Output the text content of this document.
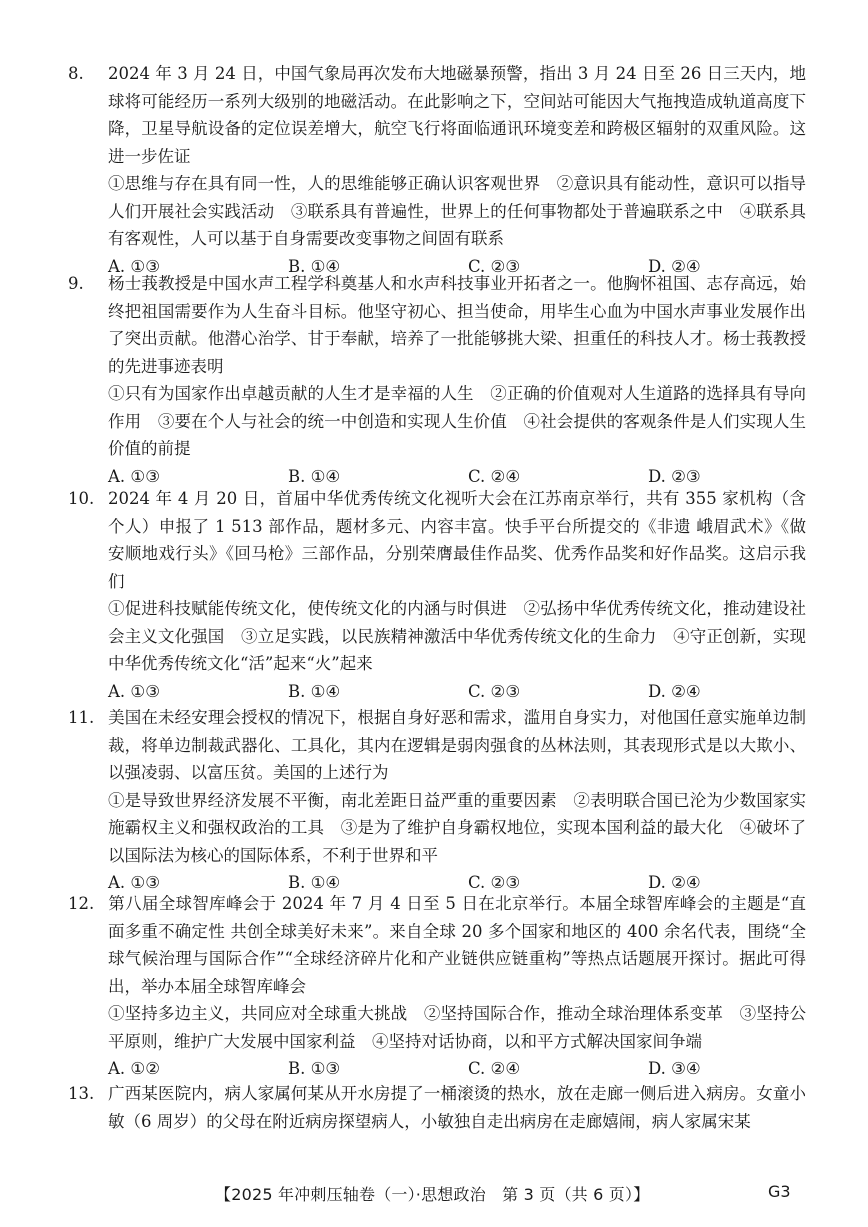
8. 2024 年 3 月 24 日，中国气象局再次发布大地磁暴预警，指出 3 月 24 日至 26 日三天内，地球将可能经历一系列大级别的地磁活动。在此影响之下，空间站可能因大气拖拽造成轨道高度下降，卫星导航设备的定位误差增大，航空飞行将面临通讯环境变差和跨极区辐射的双重风险。这进一步佐证

①思维与存在具有同一性，人的思维能够正确认识客观世界　②意识具有能动性，意识可以指导人们开展社会实践活动　③联系具有普遍性，世界上的任何事物都处于普遍联系之中　④联系具有客观性，人可以基于自身需要改变事物之间固有联系

A. ①③	B. ①④	C. ②③	D. ②④

9. 杨士莪教授是中国水声工程学科奠基人和水声科技事业开拓者之一。他胸怀祖国、志存高远，始终把祖国需要作为人生奋斗目标。他坚守初心、担当使命，用毕生心血为中国水声事业发展作出了突出贡献。他潜心治学、甘于奉献，培养了一批能够挑大梁、担重任的科技人才。杨士莪教授的先进事迹表明

①只有为国家作出卓越贡献的人生才是幸福的人生　②正确的价值观对人生道路的选择具有导向作用　③要在个人与社会的统一中创造和实现人生价值　④社会提供的客观条件是人们实现人生价值的前提

A. ①③	B. ①④	C. ②④	D. ②③

10. 2024 年 4 月 20 日，首届中华优秀传统文化视听大会在江苏南京举行，共有 355 家机构（含个人）申报了 1 513 部作品，题材多元、内容丰富。快手平台所提交的《非遗 峨眉武术》《做安顺地戏行头》《回马枪》三部作品，分别荣膺最佳作品奖、优秀作品奖和好作品奖。这启示我们

①促进科技赋能传统文化，使传统文化的内涵与时俱进　②弘扬中华优秀传统文化，推动建设社会主义文化强国　③立足实践，以民族精神激活中华优秀传统文化的生命力　④守正创新，实现中华优秀传统文化“活”起来“火”起来

A. ①③	B. ①④	C. ②③	D. ②④

11. 美国在未经安理会授权的情况下，根据自身好恶和需求，滥用自身实力，对他国任意实施单边制裁，将单边制裁武器化、工具化，其内在逻辑是弱肉强食的丛林法则，其表现形式是以大欺小、以强凌弱、以富压贫。美国的上述行为

①是导致世界经济发展不平衡，南北差距日益严重的重要因素　②表明联合国已沦为少数国家实施霸权主义和强权政治的工具　③是为了维护自身霸权地位，实现本国利益的最大化　④破坏了以国际法为核心的国际体系，不利于世界和平

A. ①③	B. ①④	C. ②③	D. ②④

12. 第八届全球智库峰会于 2024 年 7 月 4 日至 5 日在北京举行。本届全球智库峰会的主题是“直面多重不确定性 共创全球美好未来”。来自全球 20 多个国家和地区的 400 余名代表，围绕“全球气候治理与国际合作”“全球经济碎片化和产业链供应链重构”等热点话题展开探讨。据此可得出，举办本届全球智库峰会

①坚持多边主义，共同应对全球重大挑战　②坚持国际合作，推动全球治理体系变革　③坚持公平原则，维护广大发展中国家利益　④坚持对话协商，以和平方式解决国家间争端

A. ①②	B. ①③	C. ②④	D. ③④

13. 广西某医院内，病人家属何某从开水房提了一桶滚烫的热水，放在走廊一侧后进入病房。女童小敏（6 周岁）的父母在附近病房探望病人，小敏独自走出病房在走廊嬉闹，病人家属宋某

【2025 年冲刺压轴卷（一）·思想政治　第 3 页（共 6 页）】	G3
